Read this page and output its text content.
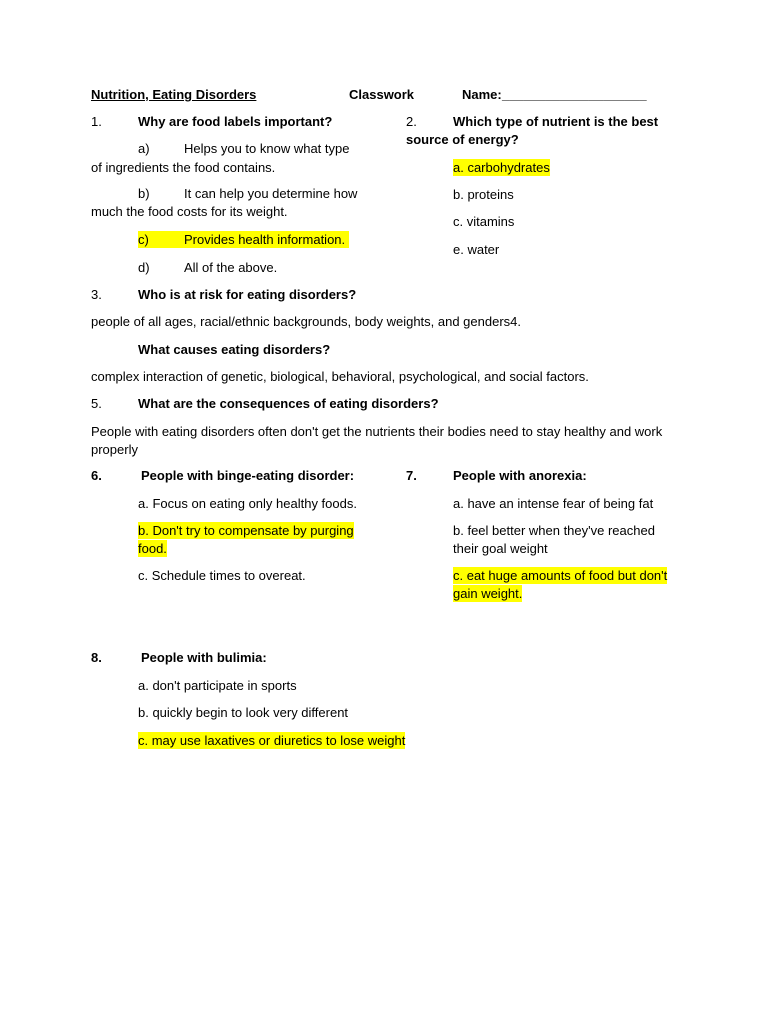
Nutrition, Eating Disorders
	Classwork	Name: ____________________
1.	Why are food labels important?
a)	Helps you to know what type
of ingredients the food contains.
b)	It can help you determine how
much the food costs for its weight.
c)	Provides health information.
d)	All of the above.
2.	Which type of nutrient is the best
source of energy?
a. carbohydrates
b. proteins
c. vitamins
e. water
3.	Who is at risk for eating disorders?
people of all ages, racial/ethnic backgrounds, body weights, and genders4.
What causes eating disorders?
complex interaction of genetic, biological, behavioral, psychological, and social factors.
5.	What are the consequences of eating disorders?
People with eating disorders often don't get the nutrients their bodies need to stay healthy and work
properly
6.	People with binge-eating disorder:
a. Focus on eating only healthy foods.
b. Don't try to compensate by purging
food.
c. Schedule times to overeat.
7.	People with anorexia:
a. have an intense fear of being fat
b. feel better when they've reached
their goal weight
c. eat huge amounts of food but don't
gain weight.
8.	People with bulimia:
a. don't participate in sports
b. quickly begin to look very different
c. may use laxatives or diuretics to lose weight
